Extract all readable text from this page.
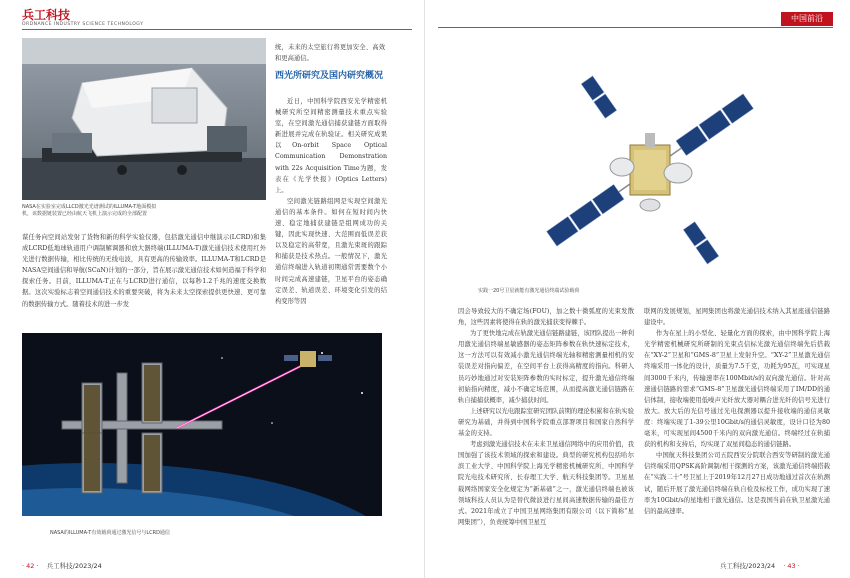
兵工科技
ORDNANCE INDUSTRY SCIENCE TECHNOLOGY
NASA在实验室完成LLCD激光光谱测试的ILLUMA-T地面模拟
机，该数据链装置已经由航天飞机上演示完成的全部配置
统，未来的太空旅行将更加安全、高效和更高通信。
西光所研究及国内研究概况

近日，中国科学院西安光学精密机械研究所空间精密测量技术重点实验室，在空间激光通信捕获建链方面取得新进展并完成在轨验证。相关研究成果以On-orbit Space Optical Communication Demonstration with 22s Acquisition Time为题，发表在《光学快报》(Optics Letters)上。

空间激光链路组网是实现空间激光通信的基本条件。如何在短时间内快速、稳定地捕获建链是组网成功的关键，因此实现快速、大范围而低误差获以及稳定的高带宽，且激光束斑的跟踪和捕获是技术热点。一般情况下，激光通信终端进入轨道初期通常需要数个小时间完成高速建链，卫星平台的姿态确定误差、轨道误差、环境变化引发的结构变形等因

谋任务向空间站发射了货物和新的科学实验仪器，包括激光通信中继演示(LCRD)和集成LCRD低地球轨道用户调制解调器和放大器终端(ILLUMA-T)激光通信技术使用红外光进行数据传输，相比传统的无线电波，具有更高的传输效率。ILLUMA-T和LCRD是NASA空间通信和导航(SCaN)计划的一部分，旨在展示激光通信技术如何造福于科学和探索任务。目前，ILLUMA-T正在与LCRD进行通信，以每秒1.2千兆的速度交换数据。这次实验标志着空间通信技术的重要突破，将为未来太空探索提供更快速、更可靠的数据传输方式。随着技术的进一步发
NASA的ILLUMA-T有效载荷通过激光信号与LCRD通信
· 42 · 兵工科技/2023/24
中国前沿
实践一20号卫星就能有激光通信终端试验载荷

因会导致较大的不确定场(FOU)，加之数十微弧度的光束发散角，这些因素将使得在轨的激光捕获变得棘手。

为了更快地完成在轨激光通信链路建链，该团队提出一种利用激光通信终端星敏感器的姿态矩阵参数在轨快速标定技术，这一方法可以有效减小激光通信终端光轴和精密测量相机的安装误差对指向偏差，在空间平台上获得高精度的指向。科研人员巧妙地通过对安装矩阵参数的实时标定，提升激光通信终端初始指向精度，减小不确定场范围，从而提高激光通信链路在轨自捕捕获概率，减少捕获时间。

上述研究以光电跟踪室研究团队前期的理论积累和在轨实验研究为基础，并得到中国科学院重点部署项目和国家自然科学基金的支持。

考虑到激光通信技术在未来卫星通信网络中的应用价值，我国加强了该技术领域的探索和建设。典型的研究机构包括哈尔滨工业大学、中国科学院上海光学精密机械研究所、中国科学院光电技术研究所、长春理工大学、航天科技集团等。卫星星载网络国家安全化规定为“新基础”之一，激光通信终端也被该领域科技人员认为是替代微波进行星间高速数据传输的最佳方式。2021年成立了中国卫星网络集团有限公司（以下简称“星网集团”），负责统筹中国卫星互

联网的发展规划，星网集团也将激光通信技术纳入其星座通信链路建设中。

作为在星上的小型化、轻量化方面的探索，由中国科学院上海光学精密机械研究所研制的光束点信标光激光通信终端先后搭载在“XY-2”卫星和“GMS-8”卫星上发射升空。“XY-2”卫星激光通信终端采用一体化的设计，质量为7.5千克，功耗为95瓦，可实现星间3000千米内，传输速率在100Mbit/s的双向激光通信。针对高速通信链路的需求“GMS-8”卫星激光通信终端采用了IM/DD的通信体制，接收端使用低噪声光纤放大器对耦合进光纤的信号光进行放大。放大后的光信号通过光电探测器以提升接收端的通信灵敏度：终端实现了1-39公里10Gbit/s的通信灵敏度，设计口径为80毫米，可实现星间4500千米内的双向激光通信。终端经过在轨捕获的机构和支持后，均实现了双星间稳态的通信链路。

中国航天科技集团公司五院西安分院联合西安等研制的激光通信终端采用QPSK高阶调制/相干探测的方案，该激光通信终端搭载在“实践二十”号卫星上于2019年12月27日成功地通过首次在轨测试，随后开展了激光通信终端在轨自检及标校工作，成功实现了速率为10Gbit/s的星地相干激光通信。这是我国当前在轨卫星激光通信的最高速率。

兵工科技/2023/24 · 43 ·
